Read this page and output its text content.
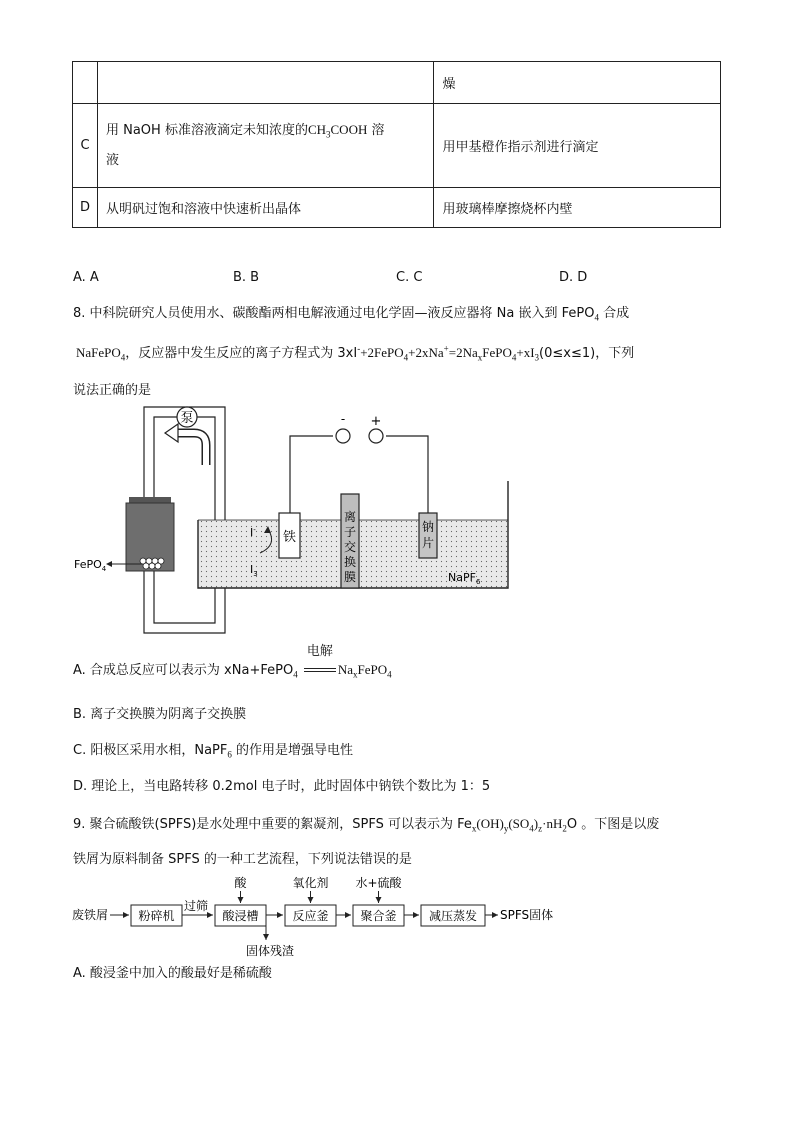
		燥
C	用 NaOH 标准溶液滴定未知浓度的$CH_3COOH$ 溶
液	用甲基橙作指示剂进行滴定
D	从明矾过饱和溶液中快速析出晶体	用玻璃棒摩擦烧杯内壁
A. A	B. B	C. C	D. D
8. 中科院研究人员使用水、碳酸酯两相电解液通过电化学固—液反应器将 Na 嵌入到 FePO$_4$ 合成
NaFePO$_4$，反应器中发生反应的离子方程式为 $3xI^-+2FePO_4+2xNa^+=2Na_xFePO_4+xI_3(0\le x\le 1)$，下列
说法正确的是
泵
FePO$_4$
- +
铁
离
子
交
换
膜
钠
片
I-
$I_3$	NaPF$_6$
A. 合成总反应可以表示为 xNa+FePO$_4$
电解
$Na_xFePO_4$
B. 离子交换膜为阴离子交换膜
C. 阳极区采用水相，NaPF$_6$ 的作用是增强导电性
D. 理论上，当电路转移 0.2mol 电子时，此时固体中钠铁个数比为 1：5
9. 聚合硫酸铁(SPFS)是水处理中重要的絮凝剂，SPFS 可以表示为 $Fe_x(OH)_y(SO_4)_z\cdot nH_2O$ 。下图是以废
铁屑为原料制备 SPFS 的一种工艺流程，下列说法错误的是
废铁屑	粉碎机
过筛
酸浸槽
酸
固体残渣
反应釜
氧化剂
聚合釜
水+硫酸
减压蒸发 SPFS固体
A. 酸浸釜中加入的酸最好是稀硫酸
